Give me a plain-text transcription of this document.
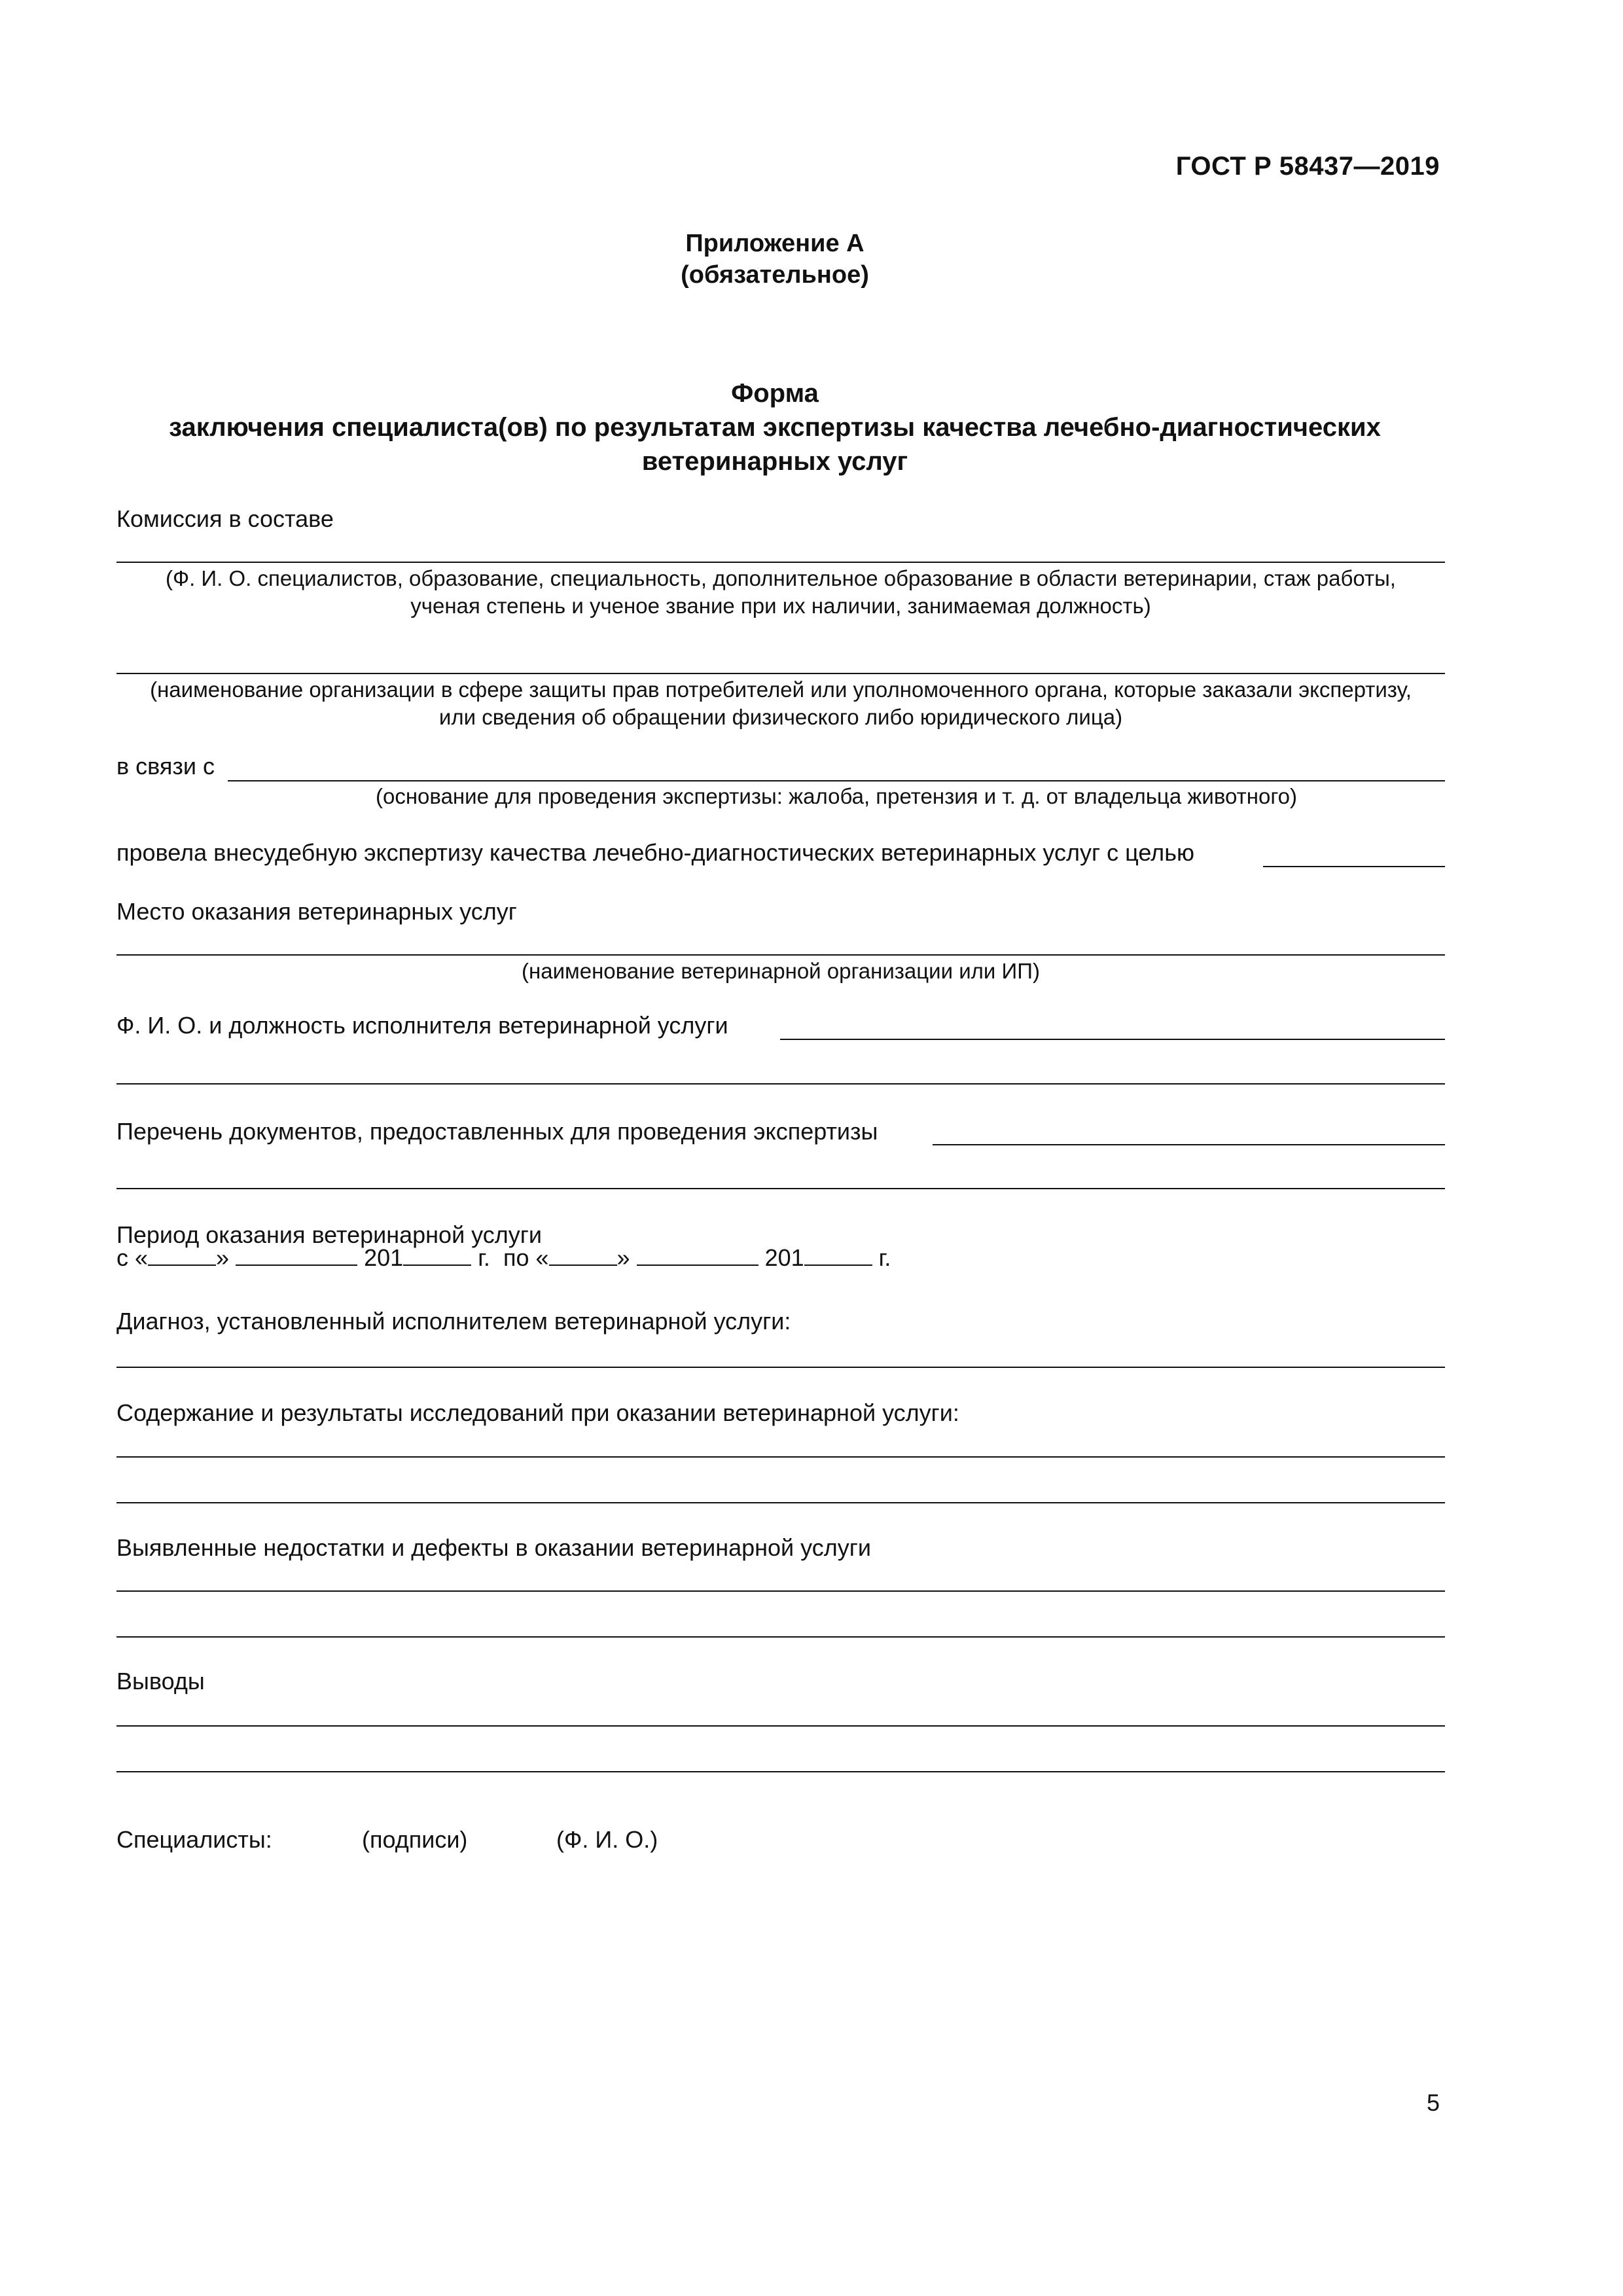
ГОСТ Р 58437—2019
Приложение А
(обязательное)
Форма
заключения специалиста(ов) по результатам экспертизы качества лечебно-диагностических
ветеринарных услуг
Комиссия в составе
(Ф. И. О. специалистов, образование, специальность, дополнительное образование в области ветеринарии, стаж работы,
ученая степень и ученое звание при их наличии, занимаемая должность)
(наименование организации в сфере защиты прав потребителей или уполномоченного органа, которые заказали экспертизу,
или сведения об обращении физического либо юридического лица)
в связи с
(основание для проведения экспертизы: жалоба, претензия и т. д. от владельца животного)
провела внесудебную экспертизу качества лечебно-диагностических ветеринарных услуг с целью
Место оказания ветеринарных услуг
(наименование ветеринарной организации или ИП)
Ф. И. О. и должность исполнителя ветеринарной услуги
Перечень документов, предоставленных для проведения экспертизы
Период оказания ветеринарной услуги
с «	»	201	г. по «	»	201	г.
Диагноз, установленный исполнителем ветеринарной услуги:
Содержание и результаты исследований при оказании ветеринарной услуги:
Выявленные недостатки и дефекты в оказании ветеринарной услуги
Выводы
Специалисты:	(подписи)	(Ф. И. О.)
5
